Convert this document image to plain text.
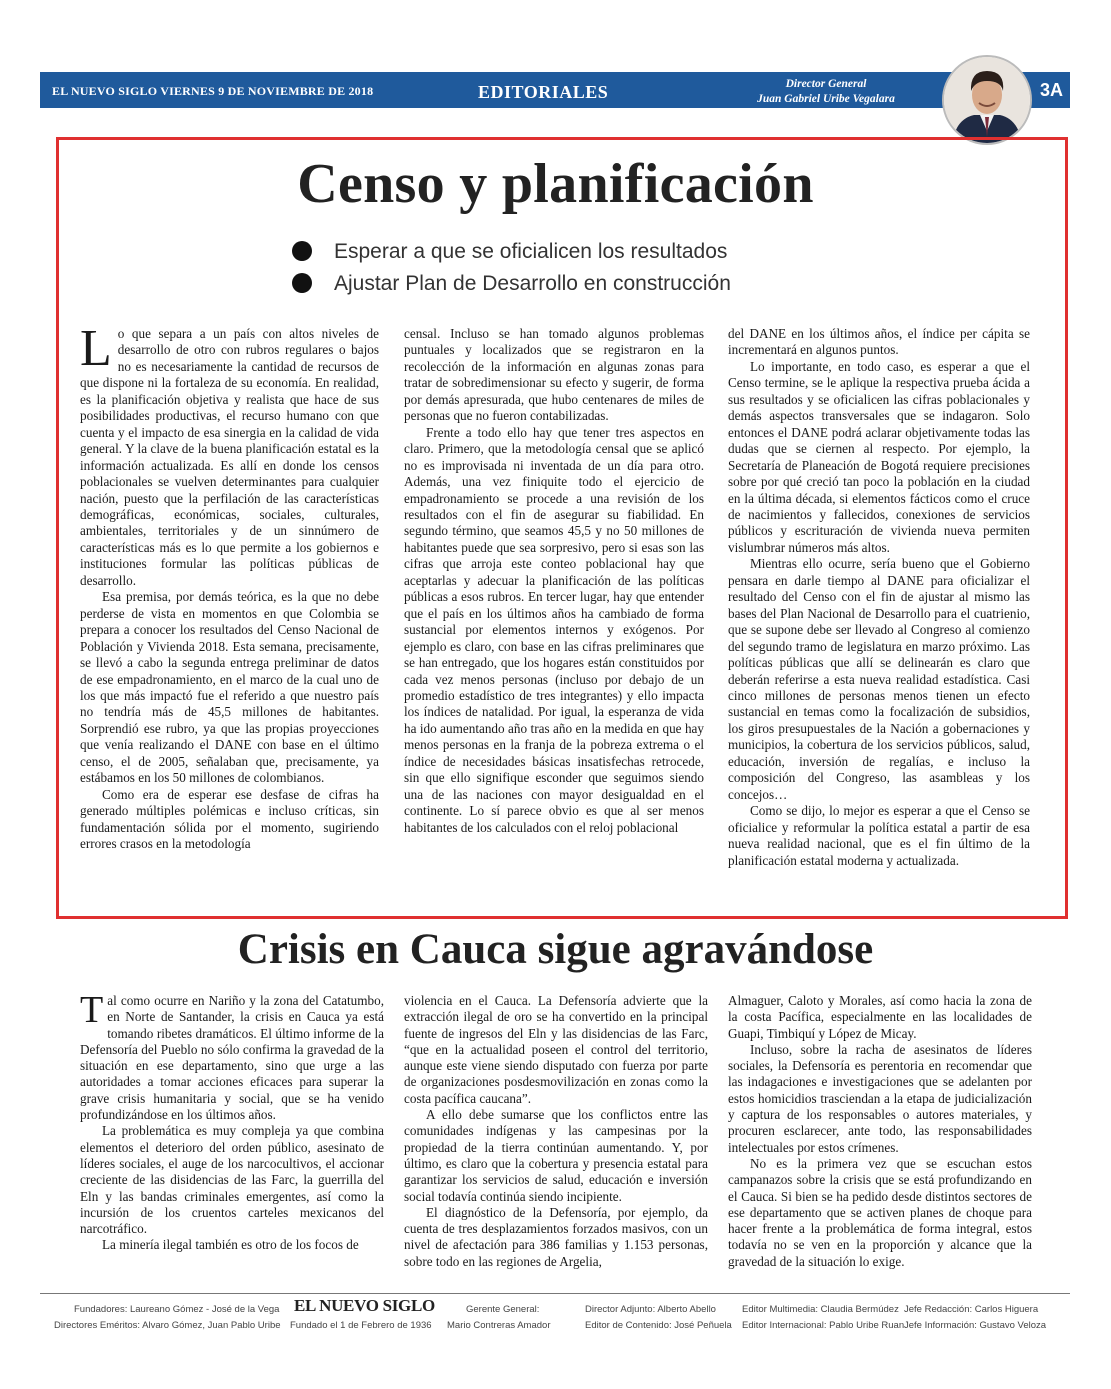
EL NUEVO SIGLO VIERNES 9 DE NOVIEMBRE DE 2018	EDITORIALES	Director General
Juan Gabriel Uribe Vegalara	3A
Censo y planificación
Esperar a que se oficialicen los resultados
Ajustar Plan de Desarrollo en construcción

Lo que separa a un país con altos niveles de desarrollo de otro con rubros regulares o bajos no es necesariamente la cantidad de recursos de que dispone ni la fortaleza de su economía. En realidad, es la planificación objetiva y realista que hace de sus posibilidades productivas, el recurso humano con que cuenta y el impacto de esa sinergia en la calidad de vida general. Y la clave de la buena planificación estatal es la información actualizada. Es allí en donde los censos poblacionales se vuelven determinantes para cualquier nación, puesto que la perfilación de las características demográficas, económicas, sociales, culturales, ambientales, territoriales y de un sinnúmero de características más es lo que permite a los gobiernos e instituciones formular las políticas públicas de desarrollo.

Esa premisa, por demás teórica, es la que no debe perderse de vista en momentos en que Colombia se prepara a conocer los resultados del Censo Nacional de Población y Vivienda 2018. Esta semana, precisamente, se llevó a cabo la segunda entrega preliminar de datos de ese empadronamiento, en el marco de la cual uno de los que más impactó fue el referido a que nuestro país no tendría más de 45,5 millones de habitantes. Sorprendió ese rubro, ya que las propias proyecciones que venía realizando el DANE con base en el último censo, el de 2005, señalaban que, precisamente, ya estábamos en los 50 millones de colombianos.

Como era de esperar ese desfase de cifras ha generado múltiples polémicas e incluso críticas, sin fundamentación sólida por el momento, sugiriendo errores crasos en la metodología

censal. Incluso se han tomado algunos problemas puntuales y localizados que se registraron en la recolección de la información en algunas zonas para tratar de sobredimensionar su efecto y sugerir, de forma por demás apresurada, que hubo centenares de miles de personas que no fueron contabilizadas.

Frente a todo ello hay que tener tres aspectos en claro. Primero, que la metodología censal que se aplicó no es improvisada ni inventada de un día para otro. Además, una vez finiquite todo el ejercicio de empadronamiento se procede a una revisión de los resultados con el fin de asegurar su fiabilidad. En segundo término, que seamos 45,5 y no 50 millones de habitantes puede que sea sorpresivo, pero si esas son las cifras que arroja este conteo poblacional hay que aceptarlas y adecuar la planificación de las políticas públicas a esos rubros. En tercer lugar, hay que entender que el país en los últimos años ha cambiado de forma sustancial por elementos internos y exógenos. Por ejemplo es claro, con base en las cifras preliminares que se han entregado, que los hogares están constituidos por cada vez menos personas (incluso por debajo de un promedio estadístico de tres integrantes) y ello impacta los índices de natalidad. Por igual, la esperanza de vida ha ido aumentando año tras año en la medida en que hay menos personas en la franja de la pobreza extrema o el índice de necesidades básicas insatisfechas retrocede, sin que ello signifique esconder que seguimos siendo una de las naciones con mayor desigualdad en el continente. Lo sí parece obvio es que al ser menos habitantes de los calculados con el reloj poblacional

del DANE en los últimos años, el índice per cápita se incrementará en algunos puntos.

Lo importante, en todo caso, es esperar a que el Censo termine, se le aplique la respectiva prueba ácida a sus resultados y se oficialicen las cifras poblacionales y demás aspectos transversales que se indagaron. Solo entonces el DANE podrá aclarar objetivamente todas las dudas que se ciernen al respecto. Por ejemplo, la Secretaría de Planeación de Bogotá requiere precisiones sobre por qué creció tan poco la población en la ciudad en la última década, si elementos fácticos como el cruce de nacimientos y fallecidos, conexiones de servicios públicos y escrituración de vivienda nueva permiten vislumbrar números más altos.

Mientras ello ocurre, sería bueno que el Gobierno pensara en darle tiempo al DANE para oficializar el resultado del Censo con el fin de ajustar al mismo las bases del Plan Nacional de Desarrollo para el cuatrienio, que se supone debe ser llevado al Congreso al comienzo del segundo tramo de legislatura en marzo próximo. Las políticas públicas que allí se delinearán es claro que deberán referirse a esta nueva realidad estadística. Casi cinco millones de personas menos tienen un efecto sustancial en temas como la focalización de subsidios, los giros presupuestales de la Nación a gobernaciones y municipios, la cobertura de los servicios públicos, salud, educación, inversión de regalías, e incluso la composición del Congreso, las asambleas y los concejos…

Como se dijo, lo mejor es esperar a que el Censo se oficialice y reformular la política estatal a partir de esa nueva realidad nacional, que es el fin último de la planificación estatal moderna y actualizada.

Crisis en Cauca sigue agravándose

Tal como ocurre en Nariño y la zona del Catatumbo, en Norte de Santander, la crisis en Cauca ya está tomando ribetes dramáticos. El último informe de la Defensoría del Pueblo no sólo confirma la gravedad de la situación en ese departamento, sino que urge a las autoridades a tomar acciones eficaces para superar la grave crisis humanitaria y social, que se ha venido profundizándose en los últimos años.

La problemática es muy compleja ya que combina elementos el deterioro del orden público, asesinato de líderes sociales, el auge de los narcocultivos, el accionar creciente de las disidencias de las Farc, la guerrilla del Eln y las bandas criminales emergentes, así como la incursión de los cruentos carteles mexicanos del narcotráfico.

La minería ilegal también es otro de los focos de

violencia en el Cauca. La Defensoría advierte que la extracción ilegal de oro se ha convertido en la principal fuente de ingresos del Eln y las disidencias de las Farc, “que en la actualidad poseen el control del territorio, aunque este viene siendo disputado con fuerza por parte de organizaciones posdesmovilización en zonas como la costa pacífica caucana”.

A ello debe sumarse que los conflictos entre las comunidades indígenas y las campesinas por la propiedad de la tierra continúan aumentando. Y, por último, es claro que la cobertura y presencia estatal para garantizar los servicios de salud, educación e inversión social todavía continúa siendo incipiente.

El diagnóstico de la Defensoría, por ejemplo, da cuenta de tres desplazamientos forzados masivos, con un nivel de afectación para 386 familias y 1.153 personas, sobre todo en las regiones de Argelia,

Almaguer, Caloto y Morales, así como hacia la zona de la costa Pacífica, especialmente en las localidades de Guapi, Timbiquí y López de Micay.

Incluso, sobre la racha de asesinatos de líderes sociales, la Defensoría es perentoria en recomendar que las indagaciones e investigaciones que se adelanten por estos homicidios trasciendan a la etapa de judicialización y captura de los responsables o autores materiales, y procuren esclarecer, ante todo, las responsabilidades intelectuales por estos crímenes.

No es la primera vez que se escuchan estos campanazos sobre la crisis que se está profundizando en el Cauca. Si bien se ha pedido desde distintos sectores de ese departamento que se activen planes de choque para hacer frente a la problemática de forma integral, estos todavía no se ven en la proporción y alcance que la gravedad de la situación lo exige.

Fundadores: Laureano Gómez - José de la Vega
Directores Eméritos: Alvaro Gómez, Juan Pablo Uribe
EL NUEVO SIGLO
Fundado el 1 de Febrero de 1936
Gerente General:
Mario Contreras Amador
Director Adjunto: Alberto Abello
Editor de Contenido: José Peñuela
Editor Multimedia: Claudia Bermúdez
Editor Internacional: Pablo Uribe Ruan
Jefe Redacción: Carlos Higuera
Jefe Información: Gustavo Veloza
